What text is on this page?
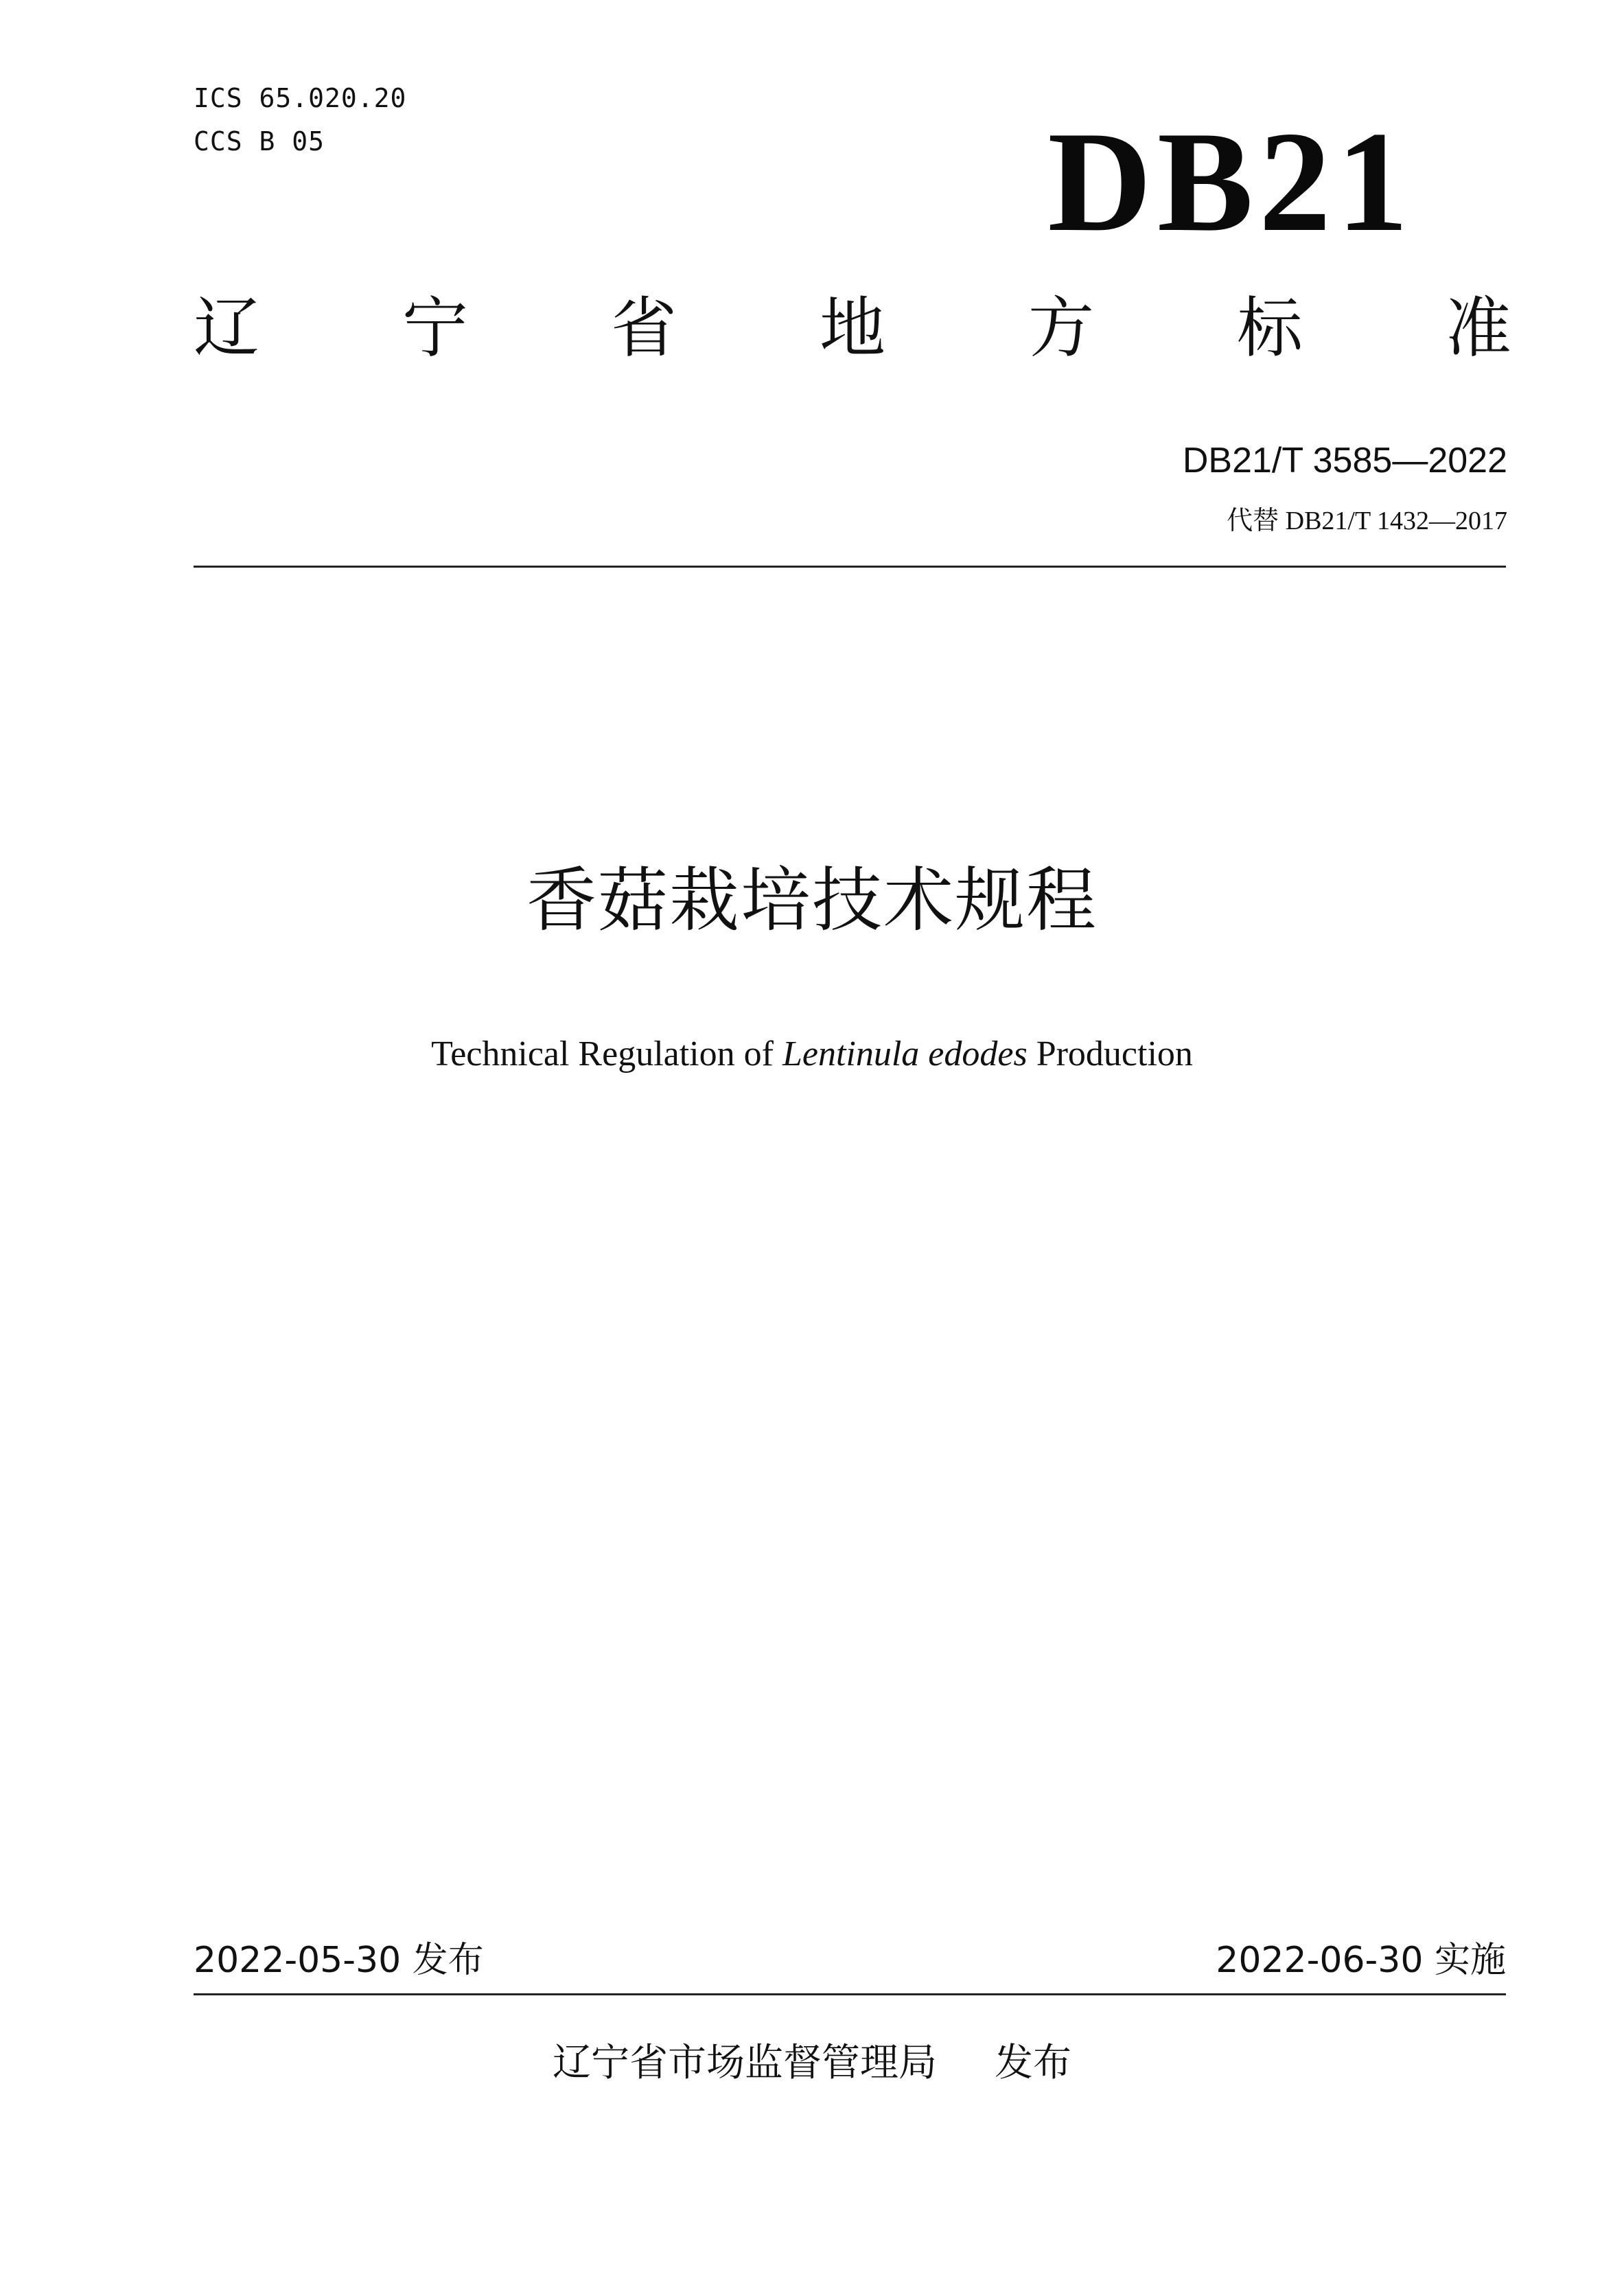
ICS 65.020.20
CCS B 05	DB21
辽 宁 省 地 方 标 准
DB21/T 3585—2022
代替 DB21/T 1432—2017
香菇栽培技术规程
Technical Regulation of Lentinula edodes Production
2022-05-30 发布	2022-06-30 实施
辽宁省市场监督管理局 发布
